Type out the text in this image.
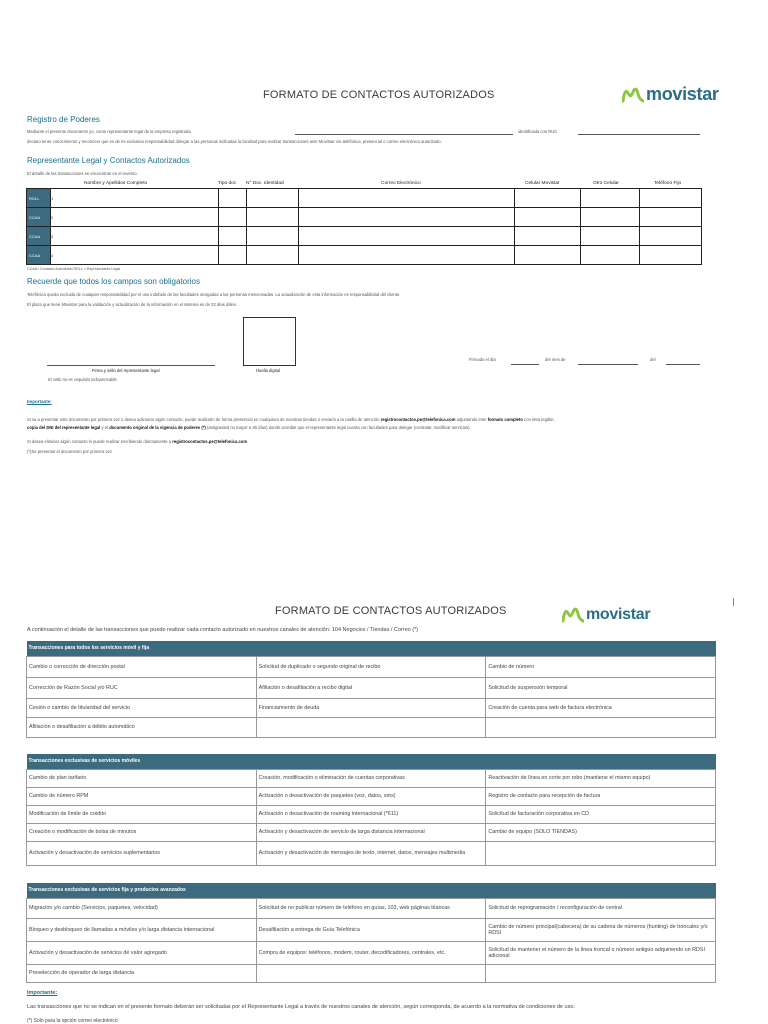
FORMATO DE CONTACTOS AUTORIZADOS	movistar
Registro de Poderes
Mediante el presente documento yo, como representante legal de la empresa registrada	identificada con RUC
declaro tener conocimiento y reconocer que es de mi exclusiva responsabilidad delegar a las personas indicadas la facultad para realizar transacciones ante Movistar vía telefónica, presencial o correo electrónico autorizado.
Representante Legal y Contactos Autorizados
El detalle de las transacciones se encuentran en el reverso.
Nombre y Apellidos Completo	Tipo doc N° Doc. Identidad	Correo Electrónico	Celular Movistar	Otro Celular	Teléfono Fijo
RGLL	1						
CCAA	2						
CCAA	3						
CCAA	4						
CCAA= Contacto Autorizado RGLL = Representante Legal
Recuerde que todos los campos son obligatorios
Telefónica queda excluida de cualquier responsabilidad por el uso indebido de las facultades otorgadas a las personas mencionadas. La actualización de esta información es responsabilidad del cliente.
El plazo que tiene Movistar para la validación y actualización de la información en el sistema es de 02 días útiles.
Firma y sello del representante legal
El sello no es requisito indispensable.
Huella digital
Firmado el día	del mes de	del
Importante:
Si va a presentar este documento por primera vez o desea adicionar algún contacto, puede realizarlo de forma presencial en cualquiera de nuestras tiendas o enviarlo a la casilla de atención registrocontactos.pe@telefonica.com adjuntando este formato completo con letra legible,
copia del DNI del representante legal y el documento original de la vigencia de poderes (*) (antigüedad no mayor a 30 días) donde acredite que el representante legal cuenta con facultades para delegar (contratar, modificar servicios).
Si desea eliminar algún contacto lo puede realizar escribiendo directamente a registrocontactos.pe@telefonica.com
(*)Se presentar el documento por primera vez
FORMATO DE CONTACTOS AUTORIZADOS	movistar
A continuación el detalle de las transacciones que puede realizar cada contacto autorizado en nuestros canales de atención: 104 Negocios / Tiendas / Correo (*)
Transacciones para todos los servicios móvil y fija		
Cambio o corrección de dirección postal	Solicitud de duplicado o segundo original de recibo	Cambio de número
Corrección de Razón Social y/o RUC	Afiliación o desafiliación a recibo digital	Solicitud de suspensión temporal
Cesión o cambio de titularidad del servicio	Financiamiento de deuda	Creación de cuenta para web de factura electrónica
Afiliación o desafiliación a débito automático		
Transacciones exclusivas de servicios móviles		
Cambio de plan tarifario	Creación, modificación o eliminación de cuentas corporativas	Reactivación de línea en corte por robo (mantiene el mismo equipo)
Cambio de número RPM	Activación o desactivación de paquetes (voz, datos, sms)	Registro de contacto para recepción de factura
Modificación de límite de crédito	Activación o desactivación de roaming internacional (*611)	Solicitud de facturación corporativa en CD
Creación o modificación de bolsa de minutos	Activación y desactivación de servicio de larga distancia internacional	Cambio de equipo (SOLO TIENDAS)
Activación y desactivación de servicios suplementarios	Activación y desactivación de mensajes de texto, internet, datos, mensajes multimedia	
Transacciones exclusivas de servicios fija y productos avanzados		
Migración y/o cambio (Servicios, paquetes, velocidad)	Solicitud de no publicar número de teléfono en guías, 103, web páginas blancas	Solicitud de reprogramación / reconfiguración de central
Bloqueo y desbloqueo de llamadas a móviles y/o larga distancia internacional	Desafiliación a entrega de Guía Telefónica	Cambio de número principal(cabecera) de su cadena de números (hunting) de troncales y/o RDSI
Activación y desactivación de servicios de valor agregado	Compra de equipos: teléfonos, modem, router, decodificadores, centrales, etc.	Solicitud de mantener el número de la línea troncal o número antiguo adquiriendo un RDSI adicional
Preselección de operador de larga distancia		
Importante:
Las transacciones que no se indican en el presente formato deberán ser solicitadas por el Representante Legal a través de nuestros canales de atención, según corresponda, de acuerdo a la normativa de condiciones de uso.
(*) Solo para la opción correo electrónico
